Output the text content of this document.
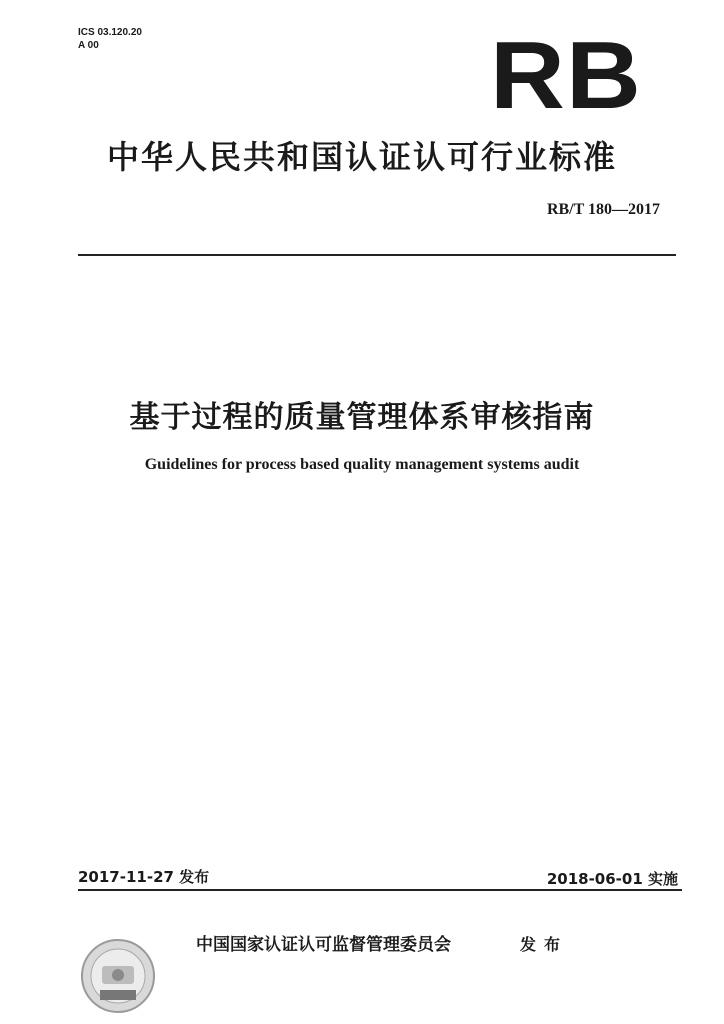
ICS 03.120.20
A 00	RB
中华人民共和国认证认可行业标准
RB/T 180—2017
基于过程的质量管理体系审核指南
Guidelines for process based quality management systems audit
2017-11-27 发布	2018-06-01 实施
中国国家认证认可监督管理委员会	发布
